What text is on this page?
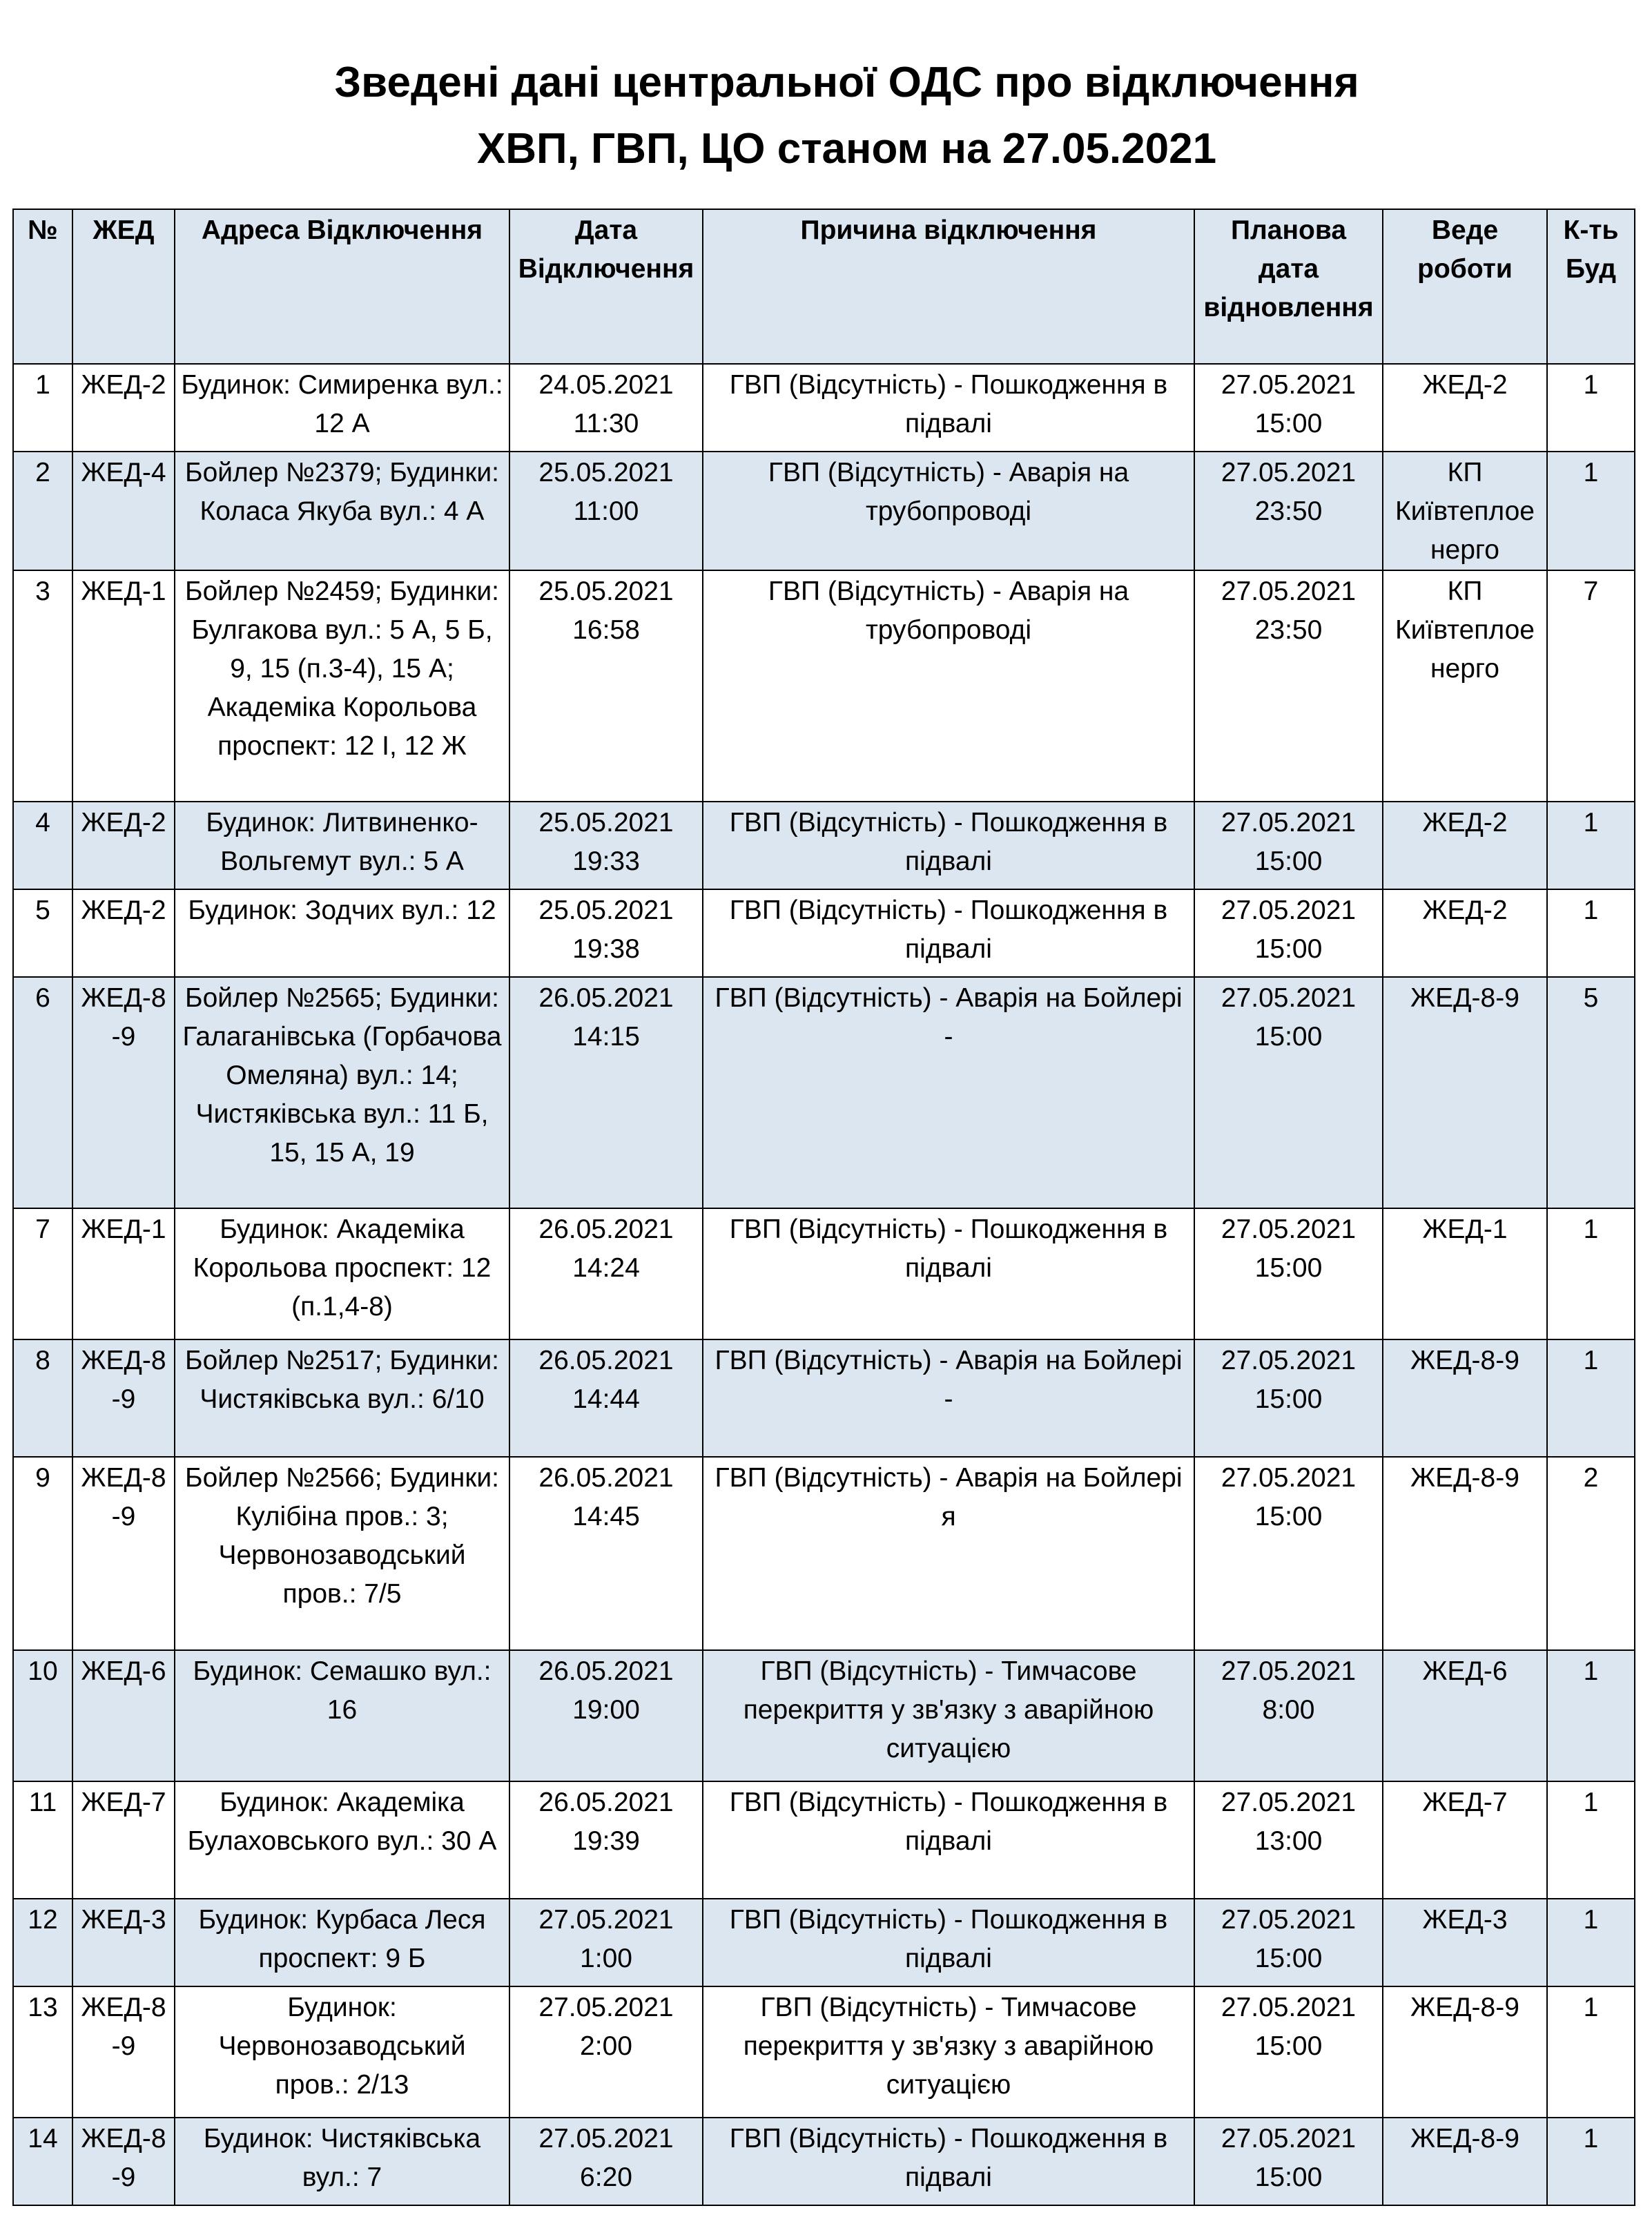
Зведені дані центральної ОДС про відключення
ХВП, ГВП, ЦО станом на 27.05.2021
№	ЖЕД	Адреса Відключення	Дата Відключення	Причина відключення	Планова дата відновлення	Веде роботи	К-ть Буд
1	ЖЕД-2	Будинок: Симиренка вул.: 12 А	24.05.2021 11:30	ГВП (Відсутність) - Пошкодження в підвалі	27.05.2021 15:00	ЖЕД-2	1
2	ЖЕД-4	Бойлер №2379; Будинки: Коласа Якуба вул.: 4 А	25.05.2021 11:00	ГВП (Відсутність) - Аварія на трубопроводі	27.05.2021 23:50	КП Київтеплоенерго	1
3	ЖЕД-1	Бойлер №2459; Будинки: Булгакова вул.: 5 А, 5 Б, 9, 15 (п.3-4), 15 А; Академіка Корольова проспект: 12 І, 12 Ж	25.05.2021 16:58	ГВП (Відсутність) - Аварія на трубопроводі	27.05.2021 23:50	КП Київтеплоенерго	7
4	ЖЕД-2	Будинок: Литвиненко-Вольгемут вул.: 5 А	25.05.2021 19:33	ГВП (Відсутність) - Пошкодження в підвалі	27.05.2021 15:00	ЖЕД-2	1
5	ЖЕД-2	Будинок: Зодчих вул.: 12	25.05.2021 19:38	ГВП (Відсутність) - Пошкодження в підвалі	27.05.2021 15:00	ЖЕД-2	1
6	ЖЕД-8-9	Бойлер №2565; Будинки: Галаганівська (Горбачова Омеляна) вул.: 14; Чистяківська вул.: 11 Б, 15, 15 А, 19	26.05.2021 14:15	ГВП (Відсутність) - Аварія на Бойлері -	27.05.2021 15:00	ЖЕД-8-9	5
7	ЖЕД-1	Будинок: Академіка Корольова проспект: 12 (п.1,4-8)	26.05.2021 14:24	ГВП (Відсутність) - Пошкодження в підвалі	27.05.2021 15:00	ЖЕД-1	1
8	ЖЕД-8-9	Бойлер №2517; Будинки: Чистяківська вул.: 6/10	26.05.2021 14:44	ГВП (Відсутність) - Аварія на Бойлері -	27.05.2021 15:00	ЖЕД-8-9	1
9	ЖЕД-8-9	Бойлер №2566; Будинки: Кулібіна пров.: 3; Червонозаводський пров.: 7/5	26.05.2021 14:45	ГВП (Відсутність) - Аварія на Бойлері я	27.05.2021 15:00	ЖЕД-8-9	2
10	ЖЕД-6	Будинок: Семашко вул.: 16	26.05.2021 19:00	ГВП (Відсутність) - Тимчасове перекриття у зв'язку з аварійною ситуацією	27.05.2021 8:00	ЖЕД-6	1
11	ЖЕД-7	Будинок: Академіка Булаховського вул.: 30 А	26.05.2021 19:39	ГВП (Відсутність) - Пошкодження в підвалі	27.05.2021 13:00	ЖЕД-7	1
12	ЖЕД-3	Будинок: Курбаса Леся проспект: 9 Б	27.05.2021 1:00	ГВП (Відсутність) - Пошкодження в підвалі	27.05.2021 15:00	ЖЕД-3	1
13	ЖЕД-8-9	Будинок: Червонозаводський пров.: 2/13	27.05.2021 2:00	ГВП (Відсутність) - Тимчасове перекриття у зв'язку з аварійною ситуацією	27.05.2021 15:00	ЖЕД-8-9	1
14	ЖЕД-8-9	Будинок: Чистяківська вул.: 7	27.05.2021 6:20	ГВП (Відсутність) - Пошкодження в підвалі	27.05.2021 15:00	ЖЕД-8-9	1
